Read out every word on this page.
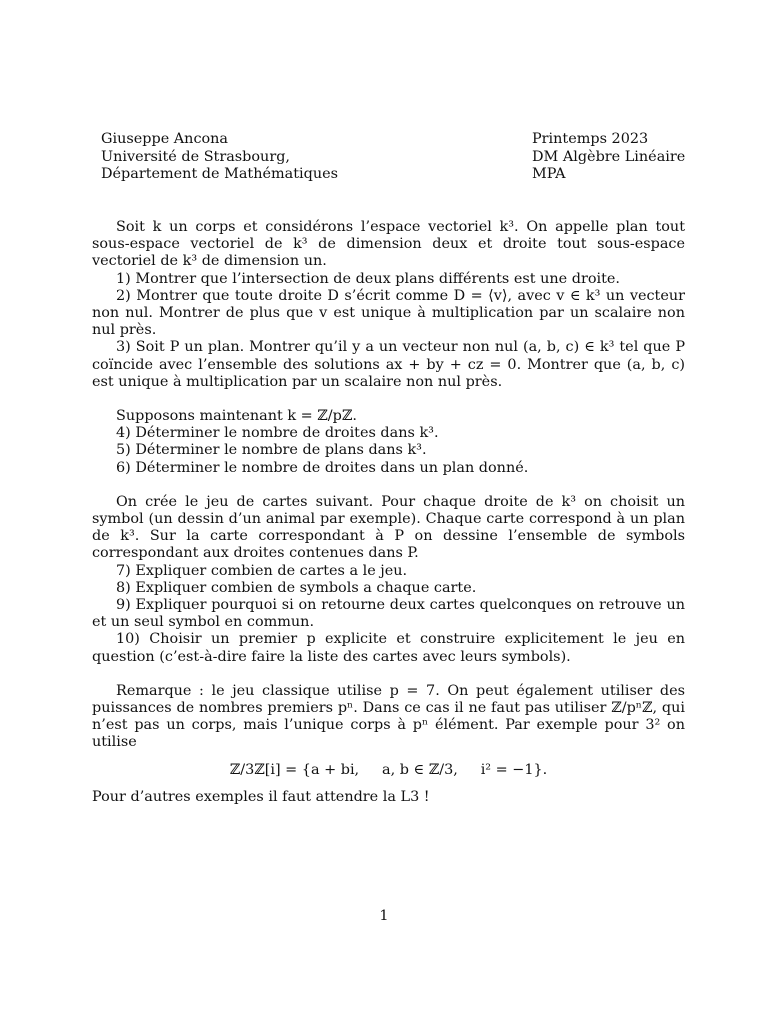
Giuseppe Ancona
Université de Strasbourg,
Département de Mathématiques
Printemps 2023
DM Algèbre Linéaire
MPA

Soit k un corps et considérons l’espace vectoriel k³. On appelle plan tout sous-espace vectoriel de k³ de dimension deux et droite tout sous-espace vectoriel de k³ de dimension un.

1) Montrer que l’intersection de deux plans différents est une droite.

2) Montrer que toute droite D s’écrit comme D = ⟨v⟩, avec v ∈ k³ un vecteur non nul. Montrer de plus que v est unique à multiplication par un scalaire non nul près.

3) Soit P un plan. Montrer qu’il y a un vecteur non nul (a, b, c) ∈ k³ tel que P coïncide avec l’ensemble des solutions ax + by + cz = 0. Montrer que (a, b, c) est unique à multiplication par un scalaire non nul près.

Supposons maintenant k = ℤ/pℤ.

4) Déterminer le nombre de droites dans k³.

5) Déterminer le nombre de plans dans k³.

6) Déterminer le nombre de droites dans un plan donné.

On crée le jeu de cartes suivant. Pour chaque droite de k³ on choisit un symbol (un dessin d’un animal par exemple). Chaque carte correspond à un plan de k³. Sur la carte correspondant à P on dessine l’ensemble de symbols correspondant aux droites contenues dans P.

7) Expliquer combien de cartes a le jeu.

8) Expliquer combien de symbols a chaque carte.

9) Expliquer pourquoi si on retourne deux cartes quelconques on retrouve un et un seul symbol en commun.

10) Choisir un premier p explicite et construire explicitement le jeu en question (c’est-à-dire faire la liste des cartes avec leurs symbols).

Remarque : le jeu classique utilise p = 7. On peut également utiliser des puissances de nombres premiers pⁿ. Dans ce cas il ne faut pas utiliser ℤ/pⁿℤ, qui n’est pas un corps, mais l’unique corps à pⁿ élément. Par exemple pour 3² on utilise

ℤ/3ℤ[i] = {a + bi,     a, b ∈ ℤ/3,     i² = −1}.

Pour d’autres exemples il faut attendre la L3 !

1
